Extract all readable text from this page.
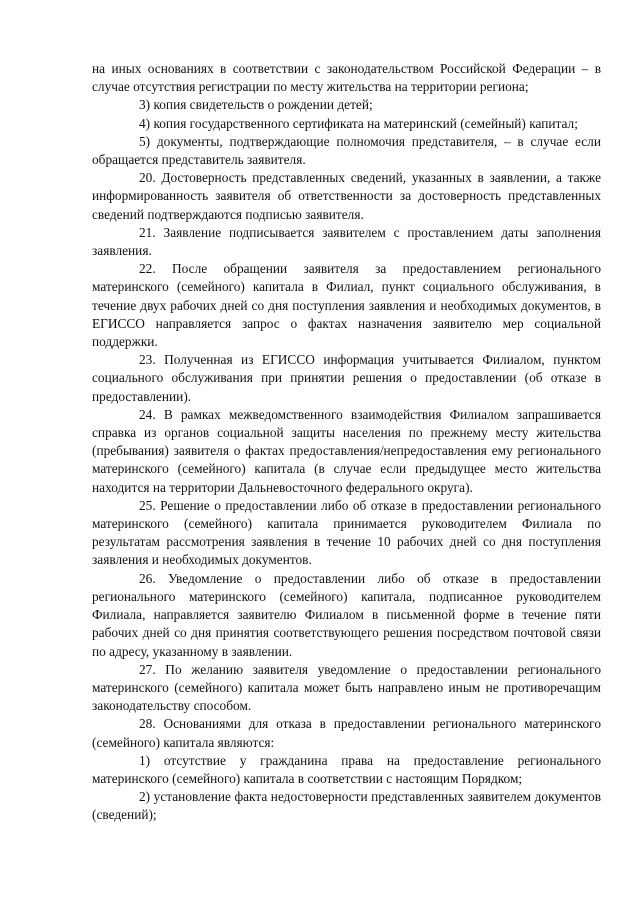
на иных основаниях в соответствии с законодательством Российской Федерации – в случае отсутствия регистрации по месту жительства на территории региона;

3) копия свидетельств о рождении детей;

4) копия государственного сертификата на материнский (семейный) капитал;

5) документы, подтверждающие полномочия представителя, – в случае если обращается представитель заявителя.

20. Достоверность представленных сведений, указанных в заявлении, а также информированность заявителя об ответственности за достоверность представленных сведений подтверждаются подписью заявителя.

21. Заявление подписывается заявителем с проставлением даты заполнения заявления.

22. После обращении заявителя за предоставлением регионального материнского (семейного) капитала в Филиал, пункт социального обслуживания, в течение двух рабочих дней со дня поступления заявления и необходимых документов, в ЕГИССО направляется запрос о фактах назначения заявителю мер социальной поддержки.

23. Полученная из ЕГИССО информация учитывается Филиалом, пунктом социального обслуживания при принятии решения о предоставлении (об отказе в предоставлении).

24. В рамках межведомственного взаимодействия Филиалом запрашивается справка из органов социальной защиты населения по прежнему месту жительства (пребывания) заявителя о фактах предоставления/непредоставления ему регионального материнского (семейного) капитала (в случае если предыдущее место жительства находится на территории Дальневосточного федерального округа).

25. Решение о предоставлении либо об отказе в предоставлении регионального материнского (семейного) капитала принимается руководителем Филиала по результатам рассмотрения заявления в течение 10 рабочих дней со дня поступления заявления и необходимых документов.

26. Уведомление о предоставлении либо об отказе в предоставлении регионального материнского (семейного) капитала, подписанное руководителем Филиала, направляется заявителю Филиалом в письменной форме в течение пяти рабочих дней со дня принятия соответствующего решения посредством почтовой связи по адресу, указанному в заявлении.

27. По желанию заявителя уведомление о предоставлении регионального материнского (семейного) капитала может быть направлено иным не противоречащим законодательству способом.

28. Основаниями для отказа в предоставлении регионального материнского (семейного) капитала являются:

1) отсутствие у гражданина права на предоставление регионального материнского (семейного) капитала в соответствии с настоящим Порядком;

2) установление факта недостоверности представленных заявителем документов (сведений);
